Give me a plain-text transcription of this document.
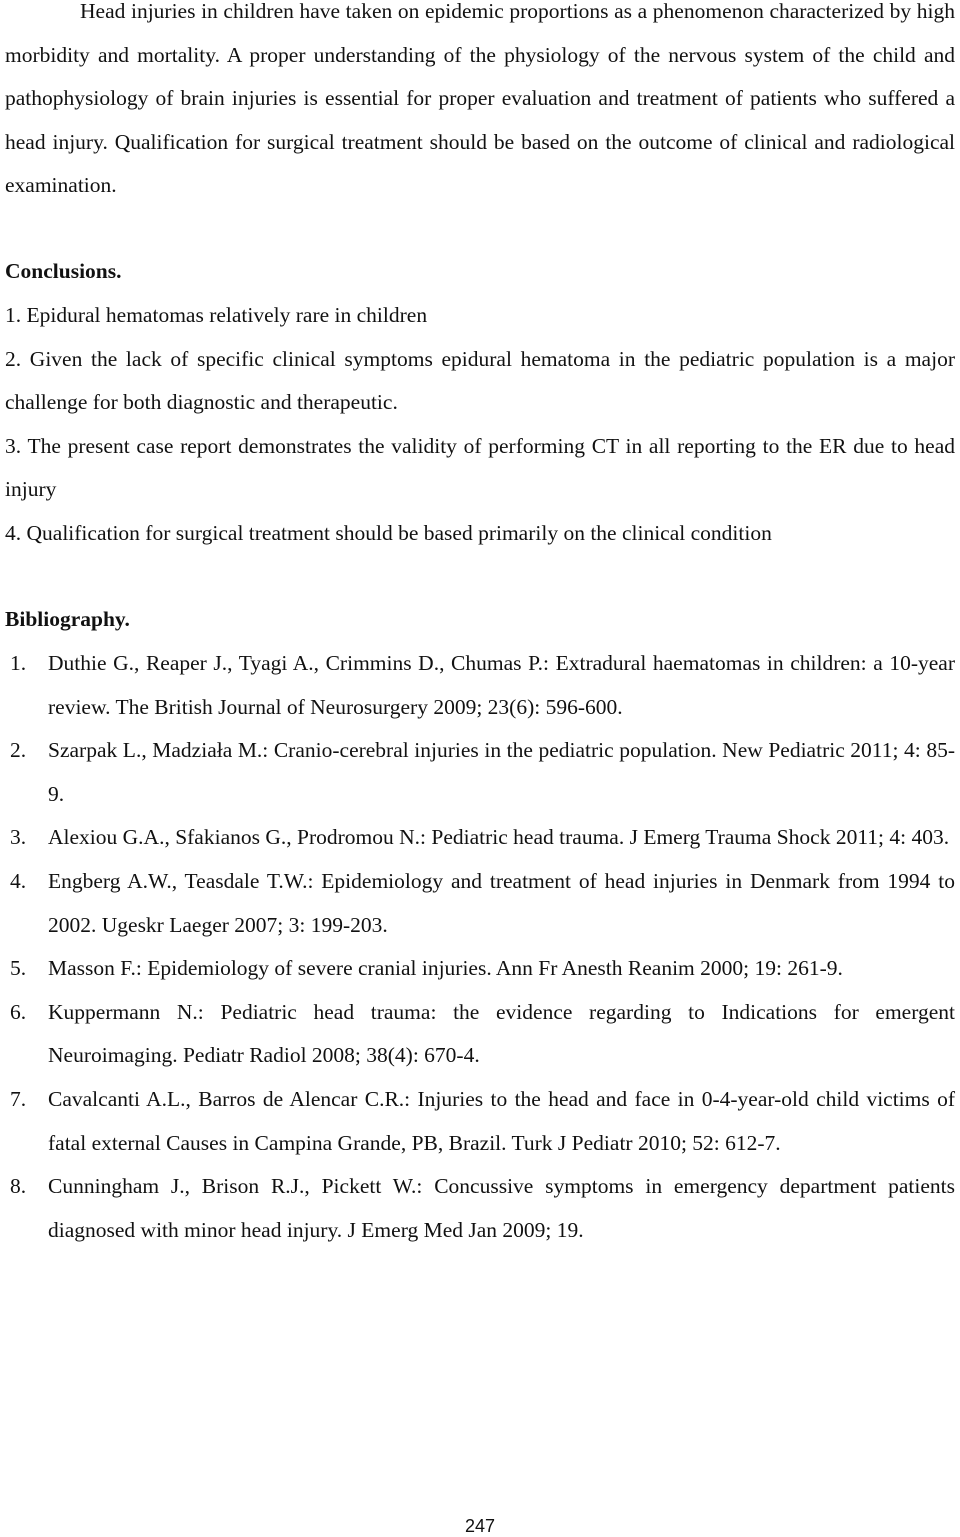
Head injuries in children have taken on epidemic proportions as a phenomenon characterized by high morbidity and mortality. A proper understanding of the physiology of the nervous system of the child and pathophysiology of brain injuries is essential for proper evaluation and treatment of patients who suffered a head injury. Qualification for surgical treatment should be based on the outcome of clinical and radiological examination.

Conclusions.
1. Epidural hematomas relatively rare in children
2. Given the lack of specific clinical symptoms epidural hematoma in the pediatric population is a major challenge for both diagnostic and therapeutic.
3. The present case report demonstrates the validity of performing CT in all reporting to the ER due to head injury
4. Qualification for surgical treatment should be based primarily on the clinical condition
Bibliography.
1.	Duthie G., Reaper J., Tyagi A., Crimmins D., Chumas P.: Extradural haematomas in children: a 10-year review. The British Journal of Neurosurgery 2009; 23(6): 596-600.
2.	Szarpak L., Madziała M.: Cranio-cerebral injuries in the pediatric population. New Pediatric 2011; 4: 85-9.
3.	Alexiou G.A., Sfakianos G., Prodromou N.: Pediatric head trauma. J Emerg Trauma Shock 2011; 4: 403.
4.	Engberg A.W., Teasdale T.W.: Epidemiology and treatment of head injuries in Denmark from 1994 to 2002. Ugeskr Laeger 2007; 3: 199-203.
5.	Masson F.: Epidemiology of severe cranial injuries. Ann Fr Anesth Reanim 2000; 19: 261-9.
6.	Kuppermann N.: Pediatric head trauma: the evidence regarding to Indications for emergent Neuroimaging. Pediatr Radiol 2008; 38(4): 670-4.
7.	Cavalcanti A.L., Barros de Alencar C.R.: Injuries to the head and face in 0-4-year-old child victims of fatal external Causes in Campina Grande, PB, Brazil. Turk J Pediatr 2010; 52: 612-7.
8.	Cunningham J., Brison R.J., Pickett W.: Concussive symptoms in emergency department patients diagnosed with minor head injury. J Emerg Med Jan 2009; 19.
247
